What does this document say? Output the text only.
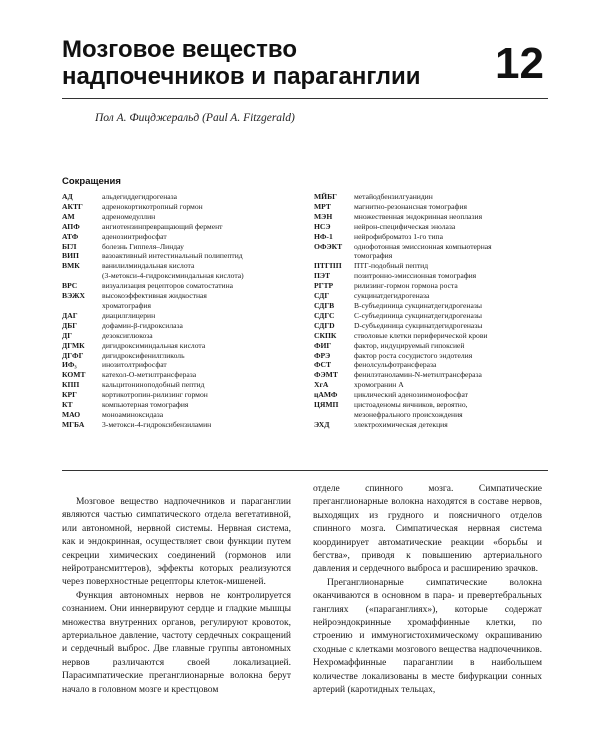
Мозговое вещество
надпочечников и параганглии	12
Пол А. Фицджеральд (Paul A. Fitzgerald)
Сокращения
АД	альдегиддегидрогеназа
АКТГ	адренокортикотропный гормон
АМ	адреномедуллин
АПФ	ангиотензинпревращающий фермент
АТФ	аденозинтрифосфат
БГЛ	болезнь Гиппеля–Линдау
ВИП	вазоактивный интестинальный полипептид
ВМК	ванилилминдальная кислота
(3-метокси-4-гидроксиминдальная кислота)
ВРС	визуализация рецепторов соматостатина
ВЭЖХ	высокоэффективная жидкостная
хроматография
ДАГ	диацилглицерин
ДБГ	дофамин-β-гидроксилаза
ДГ	дезоксиглюкоза
ДГМК	дигидроксиминдальная кислота
ДГФГ	дигидроксифенилгликоль
ИФ₃	инозитолтрифосфат
КОМТ	катехол-О-метилтрансфераза
КПП	кальцитониноподобный пептид
КРГ	кортикотропин-рилизинг гормон
КТ	компьютерная томография
МАО	моноаминоксидаза
МГБА	3-метокси-4-гидроксибензиламин
МЙБГ	метайодбензилгуанидин
МРТ	магнитно-резонансная томография
МЭН	множественная эндокринная неоплазия
НСЭ	нейрон-специфическая энолаза
НФ-1	нейрофиброматоз 1-го типа
ОФЭКТ	однофотонная эмиссионная компьютерная
томография
ПТГПП	ПТГ-подобный пептид
ПЭТ	позитронно-эмиссионная томография
РГТР	рилизинг-гормон гормона роста
СДГ	сукцинатдегидрогеназа
СДГВ	В-субъединица сукцинатдегидрогеназы
СДГС	С-субъединица сукцинатдегидрогеназы
СДГD	D-субъединица сукцинатдегидрогеназы
СКПК	стволовые клетки периферической крови
ФИГ	фактор, индуцируемый гипоксией
ФРЭ	фактор роста сосудистого эндотелия
ФСТ	фенолсульфотрансфераза
ФЭМТ	фенилэтаноламин-N-метилтрансфераза
ХгА	хромогранин А
цАМФ	циклический аденозинмонофосфат
ЦЯМП	цистоаденомы яичников, вероятно,
мезонефрального происхождения
ЭХД	электрохимическая детекция

Мозговое вещество надпочечников и параганглии являются частью симпатического отдела вегетативной, или автономной, нервной системы. Нервная система, как и эндокринная, осуществляет свои функции путем секреции химических соединений (гормонов или нейротрансмиттеров), эффекты которых реализуются через поверхностные рецепторы клеток-мишеней.

Функция автономных нервов не контролируется сознанием. Они иннервируют сердце и гладкие мышцы множества внутренних органов, регулируют кровоток, артериальное давление, частоту сердечных сокращений и сердечный выброс. Две главные группы автономных нервов различаются своей локализацией. Парасимпатические преганглионарные волокна берут начало в головном мозге и крестцовом

отделе спинного мозга. Симпатические преганглионарные волокна находятся в составе нервов, выходящих из грудного и поясничного отделов спинного мозга. Симпатическая нервная система координирует автоматические реакции «борьбы и бегства», приводя к повышению артериального давления и сердечного выброса и расширению зрачков.

Преганглионарные симпатические волокна оканчиваются в основном в пара- и превертебральных ганглиях («параганглиях»), которые содержат нейроэндокринные хромаффинные клетки, по строению и иммуногистохимическому окрашиванию сходные с клетками мозгового вещества надпочечников. Нехромаффинные параганглии в наибольшем количестве локализованы в месте бифуркации сонных артерий (каротидных тельцах,
